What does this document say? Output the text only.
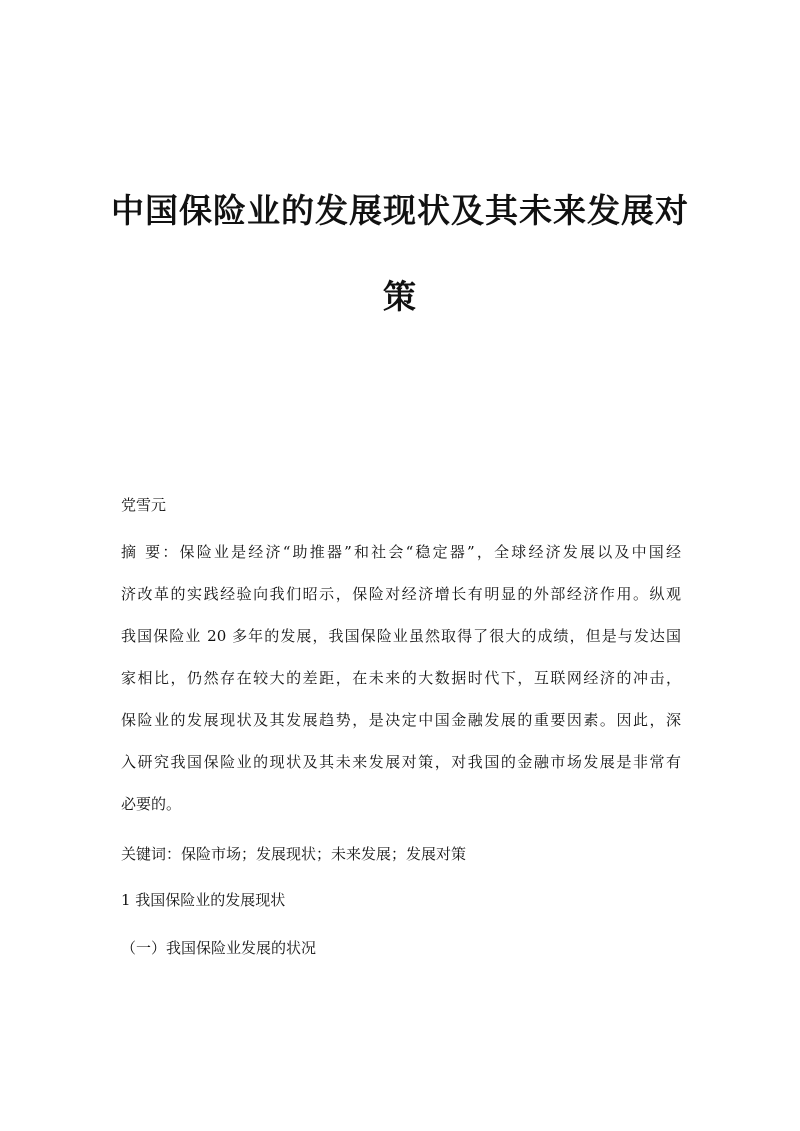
中国保险业的发展现状及其未来发展对
策
党雪元
摘 要：保险业是经济“助推器”和社会“稳定器”，全球经济发展以及中国经
济改革的实践经验向我们昭示，保险对经济增长有明显的外部经济作用。纵观
我国保险业 20 多年的发展，我国保险业虽然取得了很大的成绩，但是与发达国
家相比，仍然存在较大的差距，在未来的大数据时代下，互联网经济的冲击，
保险业的发展现状及其发展趋势，是决定中国金融发展的重要因素。因此，深
入研究我国保险业的现状及其未来发展对策，对我国的金融市场发展是非常有
必要的。
关键词：保险市场；发展现状；未来发展；发展对策
1 我国保险业的发展现状
（一）我国保险业发展的状况
